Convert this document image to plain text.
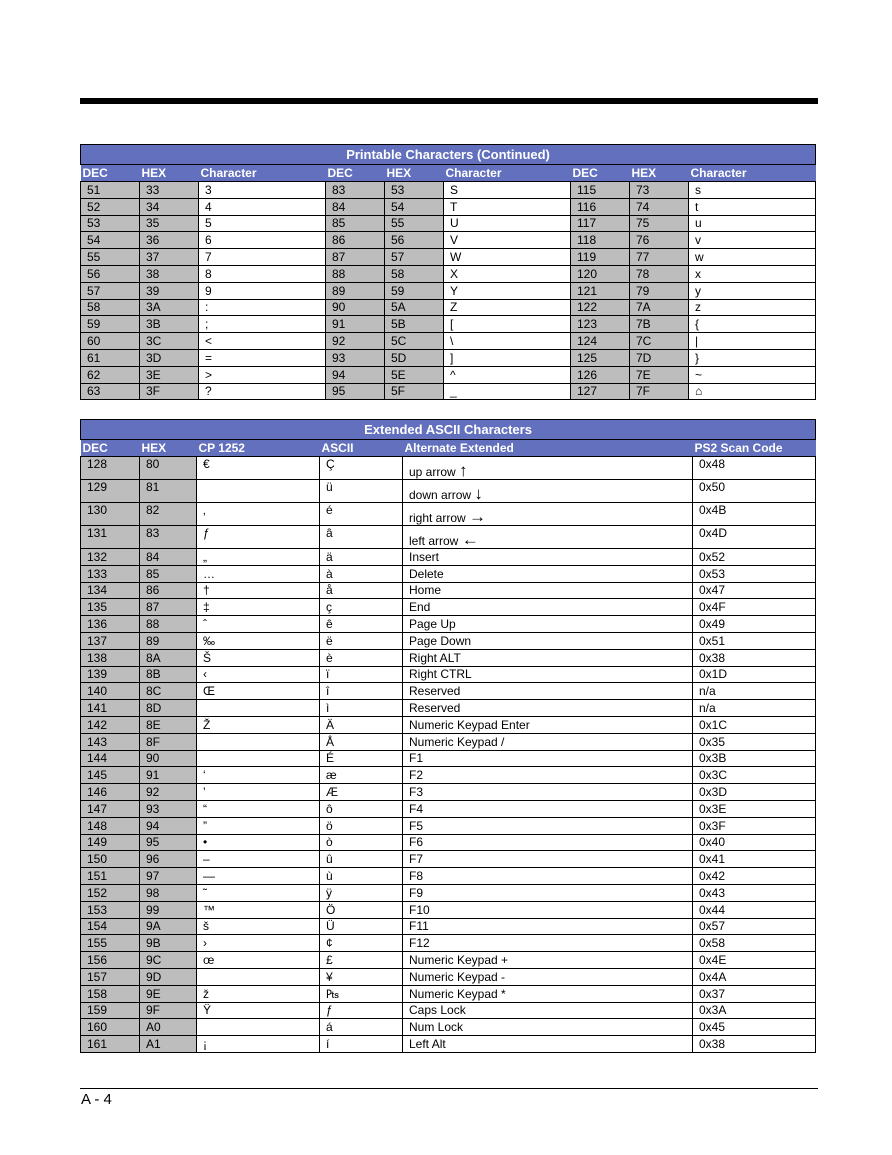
Printable Characters (Continued)								
DEC	HEX	Character	DEC	HEX	Character	DEC	HEX	Character
51	33	3	83	53	S	115	73	s
52	34	4	84	54	T	116	74	t
53	35	5	85	55	U	117	75	u
54	36	6	86	56	V	118	76	v
55	37	7	87	57	W	119	77	w
56	38	8	88	58	X	120	78	x
57	39	9	89	59	Y	121	79	y
58	3A	:	90	5A	Z	122	7A	z
59	3B	;	91	5B	[	123	7B	{
60	3C	<	92	5C	\	124	7C	|
61	3D	=	93	5D	]	125	7D	}
62	3E	>	94	5E	^	126	7E	~
63	3F	?	95	5F	_	127	7F	⌂
Extended ASCII Characters					
DEC	HEX	CP 1252	ASCII	Alternate Extended	PS2 Scan Code
128	80	€	Ç	up arrow ↑	0x48
129	81		ü	down arrow ↓	0x50
130	82	‚	é	right arrow →	0x4B
131	83	ƒ	â	left arrow ←	0x4D
132	84	„	ä	Insert	0x52
133	85	…	à	Delete	0x53
134	86	†	å	Home	0x47
135	87	‡	ç	End	0x4F
136	88	ˆ	ê	Page Up	0x49
137	89	‰	ë	Page Down	0x51
138	8A	Š	è	Right ALT	0x38
139	8B	‹	ï	Right CTRL	0x1D
140	8C	Œ	î	Reserved	n/a
141	8D		ì	Reserved	n/a
142	8E	Ž	Ä	Numeric Keypad Enter	0x1C
143	8F		Å	Numeric Keypad /	0x35
144	90		É	F1	0x3B
145	91	‘	æ	F2	0x3C
146	92	’	Æ	F3	0x3D
147	93	“	ô	F4	0x3E
148	94	”	ö	F5	0x3F
149	95	•	ò	F6	0x40
150	96	–	û	F7	0x41
151	97	—	ù	F8	0x42
152	98	˜	ÿ	F9	0x43
153	99	™	Ö	F10	0x44
154	9A	š	Ü	F11	0x57
155	9B	›	¢	F12	0x58
156	9C	œ	£	Numeric Keypad +	0x4E
157	9D		¥	Numeric Keypad -	0x4A
158	9E	ž	₧	Numeric Keypad *	0x37
159	9F	Ÿ	ƒ	Caps Lock	0x3A
160	A0		á	Num Lock	0x45
161	A1	¡	í	Left Alt	0x38
A - 4
